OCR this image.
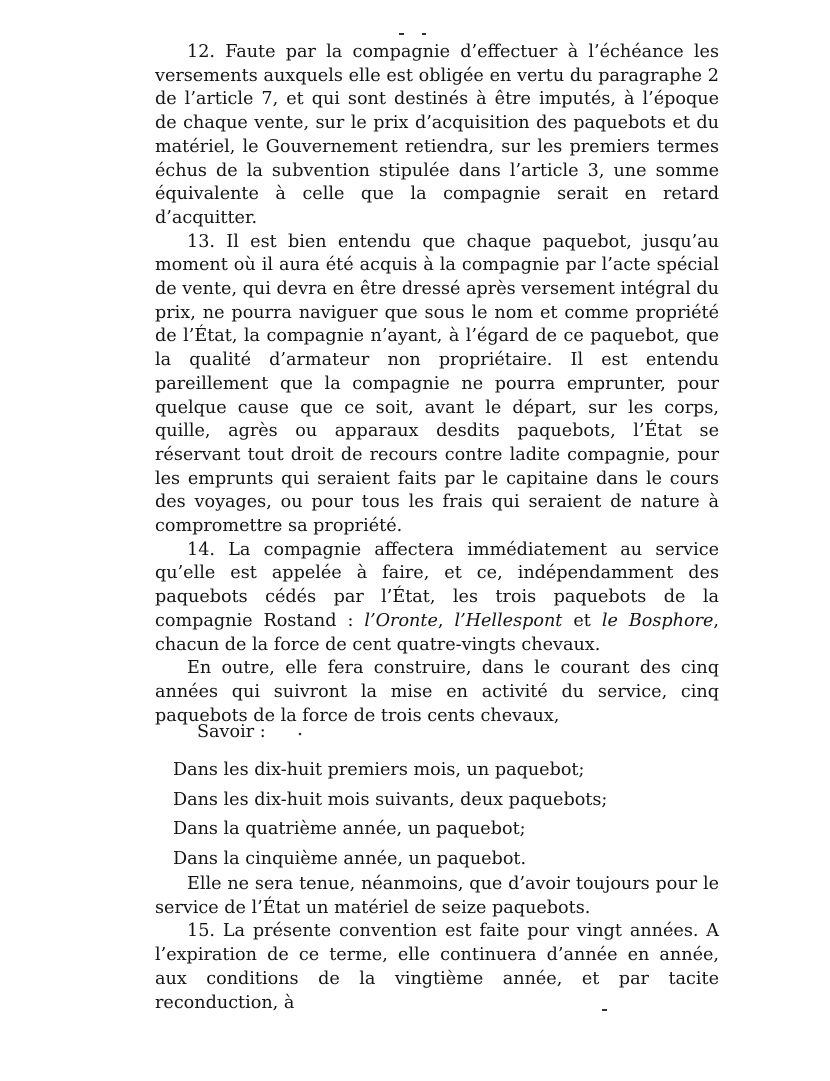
12. Faute par la compagnie d’effectuer à l’échéance les versements auxquels elle est obligée en vertu du paragraphe 2 de l’article 7, et qui sont destinés à être imputés, à l’époque de chaque vente, sur le prix d’acquisition des paquebots et du matériel, le Gouvernement retiendra, sur les premiers termes échus de la subvention stipulée dans l’article 3, une somme équivalente à celle que la compagnie serait en retard d’acquitter.

13. Il est bien entendu que chaque paquebot, jusqu’au moment où il aura été acquis à la compagnie par l’acte spécial de vente, qui devra en être dressé après versement intégral du prix, ne pourra naviguer que sous le nom et comme propriété de l’État, la compagnie n’ayant, à l’égard de ce paquebot, que la qualité d’armateur non propriétaire. Il est entendu pareillement que la compagnie ne pourra emprunter, pour quelque cause que ce soit, avant le départ, sur les corps, quille, agrès ou apparaux desdits paquebots, l’État se réservant tout droit de recours contre ladite compagnie, pour les emprunts qui seraient faits par le capitaine dans le cours des voyages, ou pour tous les frais qui seraient de nature à compromettre sa propriété.

14. La compagnie affectera immédiatement au service qu’elle est appelée à faire, et ce, indépendamment des paquebots cédés par l’État, les trois paquebots de la compagnie Rostand : l’Oronte, l’Hellespont et le Bosphore, chacun de la force de cent quatre-vingts chevaux.

En outre, elle fera construire, dans le courant des cinq années qui suivront la mise en activité du service, cinq paquebots de la force de trois cents chevaux,

Savoir :
Dans les dix-huit premiers mois, un paquebot;
Dans les dix-huit mois suivants, deux paquebots;
Dans la quatrième année, un paquebot;
Dans la cinquième année, un paquebot.

Elle ne sera tenue, néanmoins, que d’avoir toujours pour le service de l’État un matériel de seize paquebots.

15. La présente convention est faite pour vingt années. A l’expiration de ce terme, elle continuera d’année en année, aux conditions de la vingtième année, et par tacite reconduction, à
